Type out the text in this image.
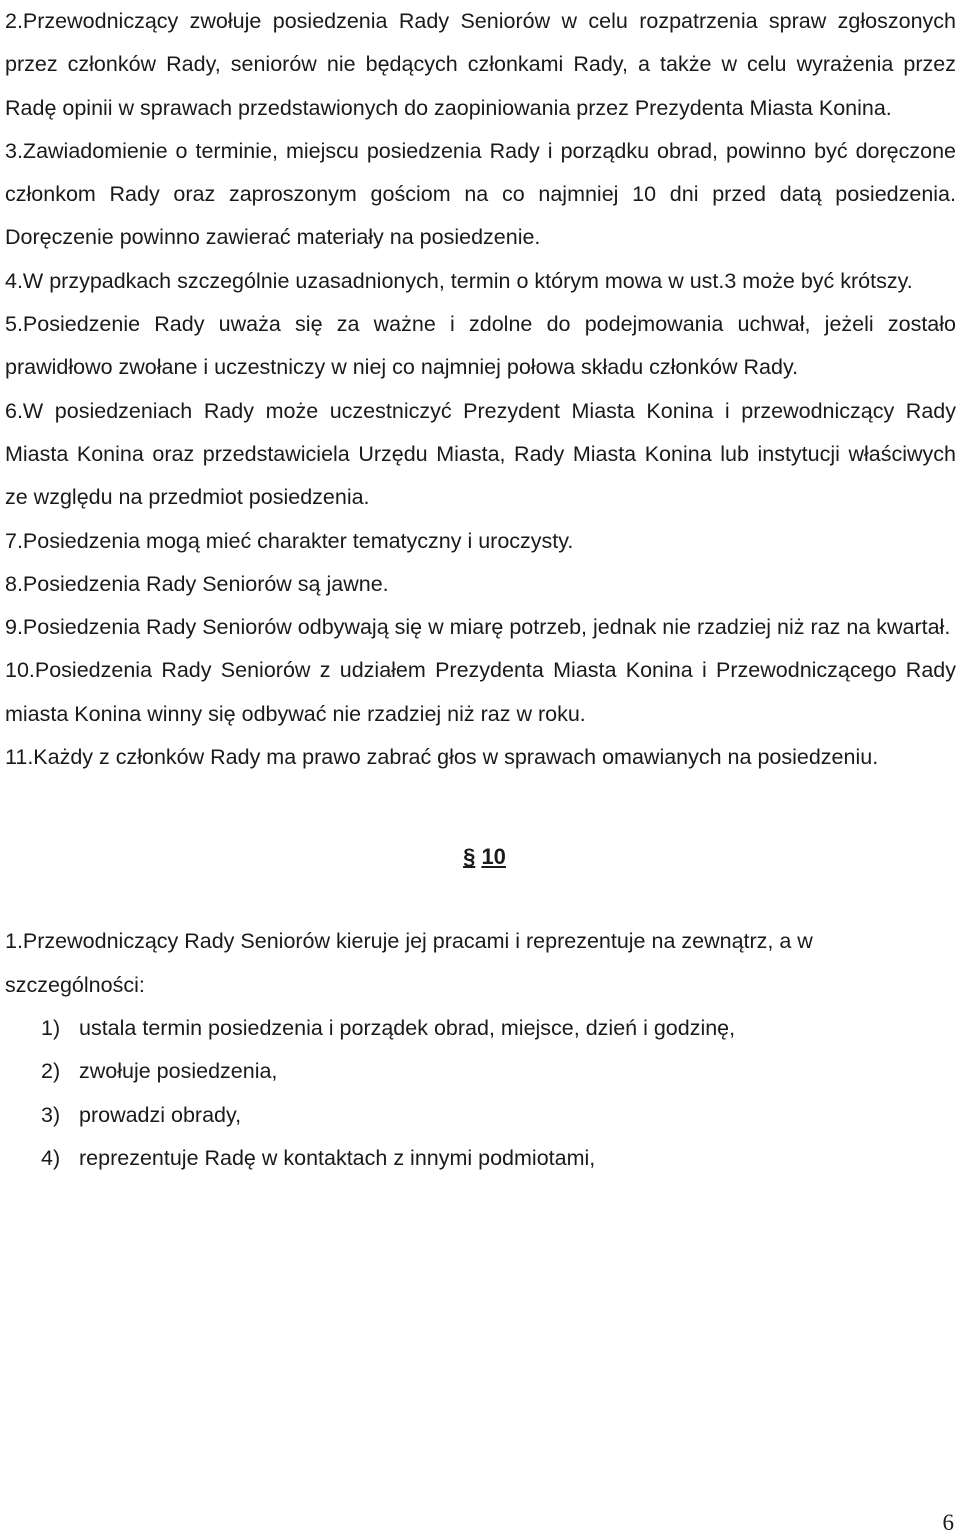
2.Przewodniczący zwołuje posiedzenia Rady Seniorów w celu rozpatrzenia spraw zgłoszonych przez członków Rady, seniorów nie będących członkami Rady, a także w celu wyrażenia przez Radę opinii w sprawach przedstawionych do zaopiniowania przez Prezydenta Miasta Konina.

3.Zawiadomienie o terminie, miejscu posiedzenia Rady i porządku obrad, powinno być doręczone członkom Rady oraz zaproszonym gościom na co najmniej 10 dni przed datą posiedzenia. Doręczenie powinno zawierać materiały na posiedzenie.

4.W przypadkach szczególnie uzasadnionych, termin o którym mowa w ust.3 może być krótszy.

5.Posiedzenie Rady uważa się za ważne i zdolne do podejmowania uchwał, jeżeli zostało prawidłowo zwołane i uczestniczy w niej co najmniej połowa składu członków Rady.

6.W posiedzeniach Rady może uczestniczyć Prezydent Miasta Konina i przewodniczący Rady Miasta Konina oraz przedstawiciela Urzędu Miasta, Rady Miasta Konina lub instytucji właściwych ze względu na przedmiot posiedzenia.

7.Posiedzenia mogą mieć charakter tematyczny i uroczysty.

8.Posiedzenia Rady Seniorów są jawne.

9.Posiedzenia Rady Seniorów odbywają się w miarę potrzeb, jednak nie rzadziej niż raz na kwartał.

10.Posiedzenia Rady Seniorów z udziałem Prezydenta Miasta Konina i Przewodniczącego Rady miasta Konina winny się odbywać nie rzadziej niż raz w roku.

11.Każdy z członków Rady ma prawo zabrać głos w sprawach omawianych na posiedzeniu.

§ 10

1.Przewodniczący Rady Seniorów kieruje jej pracami i reprezentuje na zewnątrz, a w szczególności:

1) ustala termin posiedzenia i porządek obrad, miejsce, dzień i godzinę,
2) zwołuje posiedzenia,
3) prowadzi obrady,
4) reprezentuje Radę w kontaktach z innymi podmiotami,
6
